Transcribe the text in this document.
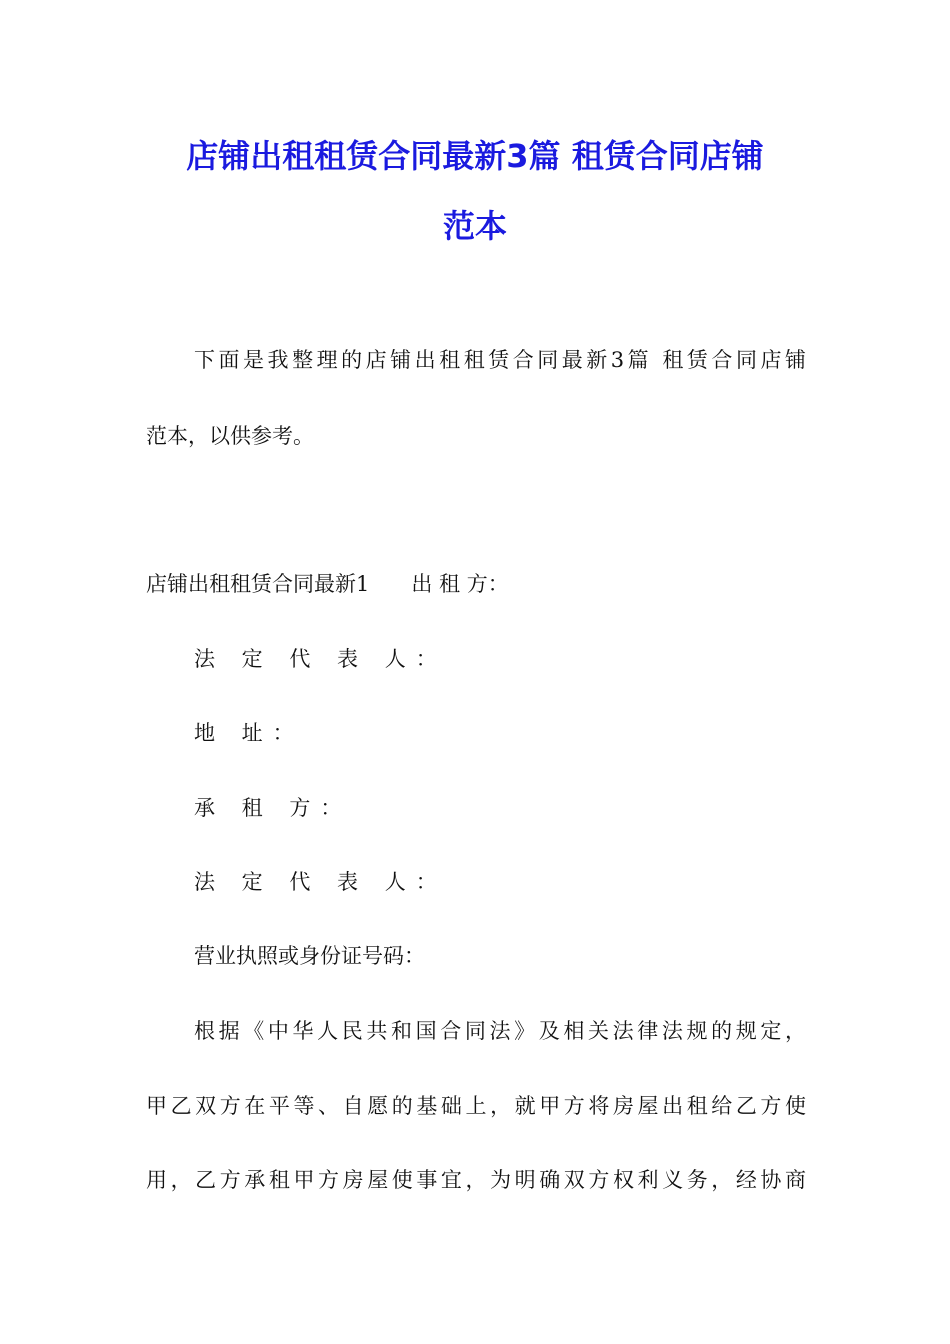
店铺出租租赁合同最新3篇 租赁合同店铺
范本

下面是我整理的店铺出租租赁合同最新3篇 租赁合同店铺

范本，以供参考。

店铺出租租赁合同最新1　　出 租 方：

法 定 代 表 人：

地 址：

承 租 方：

法 定 代 表 人：

营业执照或身份证号码：

根据《中华人民共和国合同法》及相关法律法规的规定，

甲乙双方在平等、自愿的基础上，就甲方将房屋出租给乙方使

用，乙方承租甲方房屋使事宜，为明确双方权利义务，经协商
